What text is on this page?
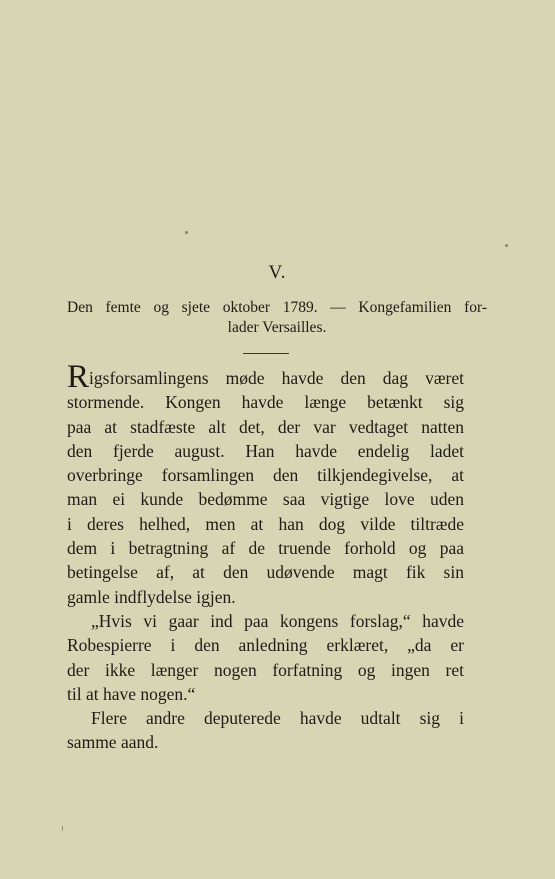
V.
Den femte og sjete oktober 1789. — Kongefamilien for-
lader Versailles.
Rigsforsamlingens møde havde den dag været
stormende. Kongen havde længe betænkt sig
paa at stadfæste alt det, der var vedtaget natten
den fjerde august. Han havde endelig ladet
overbringe forsamlingen den tilkjendegivelse, at
man ei kunde bedømme saa vigtige love uden
i deres helhed, men at han dog vilde tiltræde
dem i betragtning af de truende forhold og paa
betingelse af, at den udøvende magt fik sin
gamle indflydelse igjen.
„Hvis vi gaar ind paa kongens forslag,“ havde
Robespierre i den anledning erklæret, „da er
der ikke længer nogen forfatning og ingen ret
til at have nogen.“
Flere andre deputerede havde udtalt sig i
samme aand.
